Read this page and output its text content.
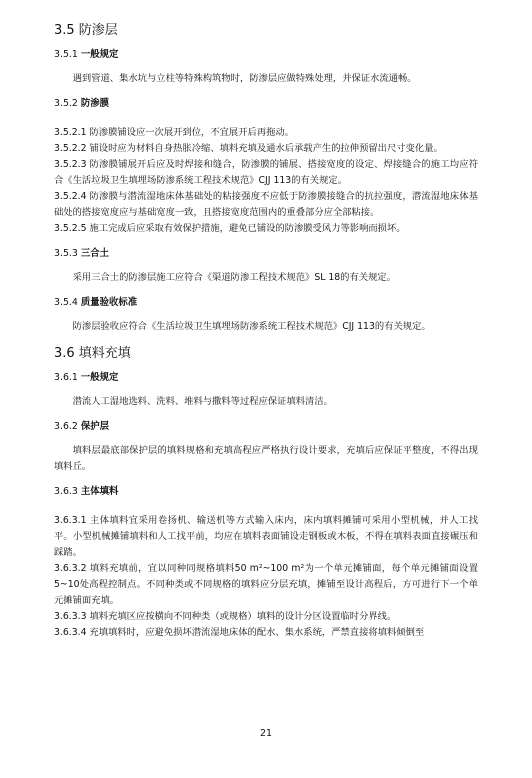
3.5 防渗层
3.5.1 一般规定

遇到管道、集水坑与立柱等特殊构筑物时，防渗层应做特殊处理，并保证水流通畅。

3.5.2 防渗膜

3.5.2.1 防渗膜铺设应一次展开到位，不宜展开后再拖动。

3.5.2.2 铺设时应为材料自身热胀冷缩、填料充填及通水后承载产生的拉伸预留出尺寸变化量。

3.5.2.3 防渗膜铺展开后应及时焊接和缝合，防渗膜的铺展、搭接宽度的设定、焊接缝合的施工均应符合《生活垃圾卫生填埋场防渗系统工程技术规范》CJJ 113的有关规定。

3.5.2.4 防渗膜与潜流湿地床体基础处的粘接强度不应低于防渗膜接缝合的抗拉强度，潜流湿地床体基础处的搭接宽度应与基础宽度一致，且搭接宽度范围内的重叠部分应全部粘接。

3.5.2.5 施工完成后应采取有效保护措施，避免已铺设的防渗膜受风力等影响而损坏。

3.5.3 三合土

采用三合土的防渗层施工应符合《渠道防渗工程技术规范》SL 18的有关规定。

3.5.4 质量验收标准

防渗层验收应符合《生活垃圾卫生填埋场防渗系统工程技术规范》CJJ 113的有关规定。

3.6 填料充填
3.6.1 一般规定

潜流人工湿地选料、洗料、堆料与撒料等过程应保证填料清洁。

3.6.2 保护层

填料层最底部保护层的填料规格和充填高程应严格执行设计要求，充填后应保证平整度，不得出现填料丘。

3.6.3 主体填料

3.6.3.1 主体填料宜采用卷扬机、输送机等方式输入床内，床内填料摊铺可采用小型机械，并人工找平。小型机械摊铺填料和人工找平前，均应在填料表面铺设走钢板或木板，不得在填料表面直接碾压和踩踏。

3.6.3.2 填料充填前，宜以同种同规格填料50 m²~100 m²为一个单元摊铺面，每个单元摊铺面设置5~10处高程控制点。不同种类或不同规格的填料应分层充填，摊铺至设计高程后，方可进行下一个单元摊铺面充填。

3.6.3.3 填料充填区应按横向不同种类（或规格）填料的设计分区设置临时分界线。

3.6.3.4 充填填料时，应避免损坏潜流湿地床体的配水、集水系统，严禁直接将填料倾倒至

21
